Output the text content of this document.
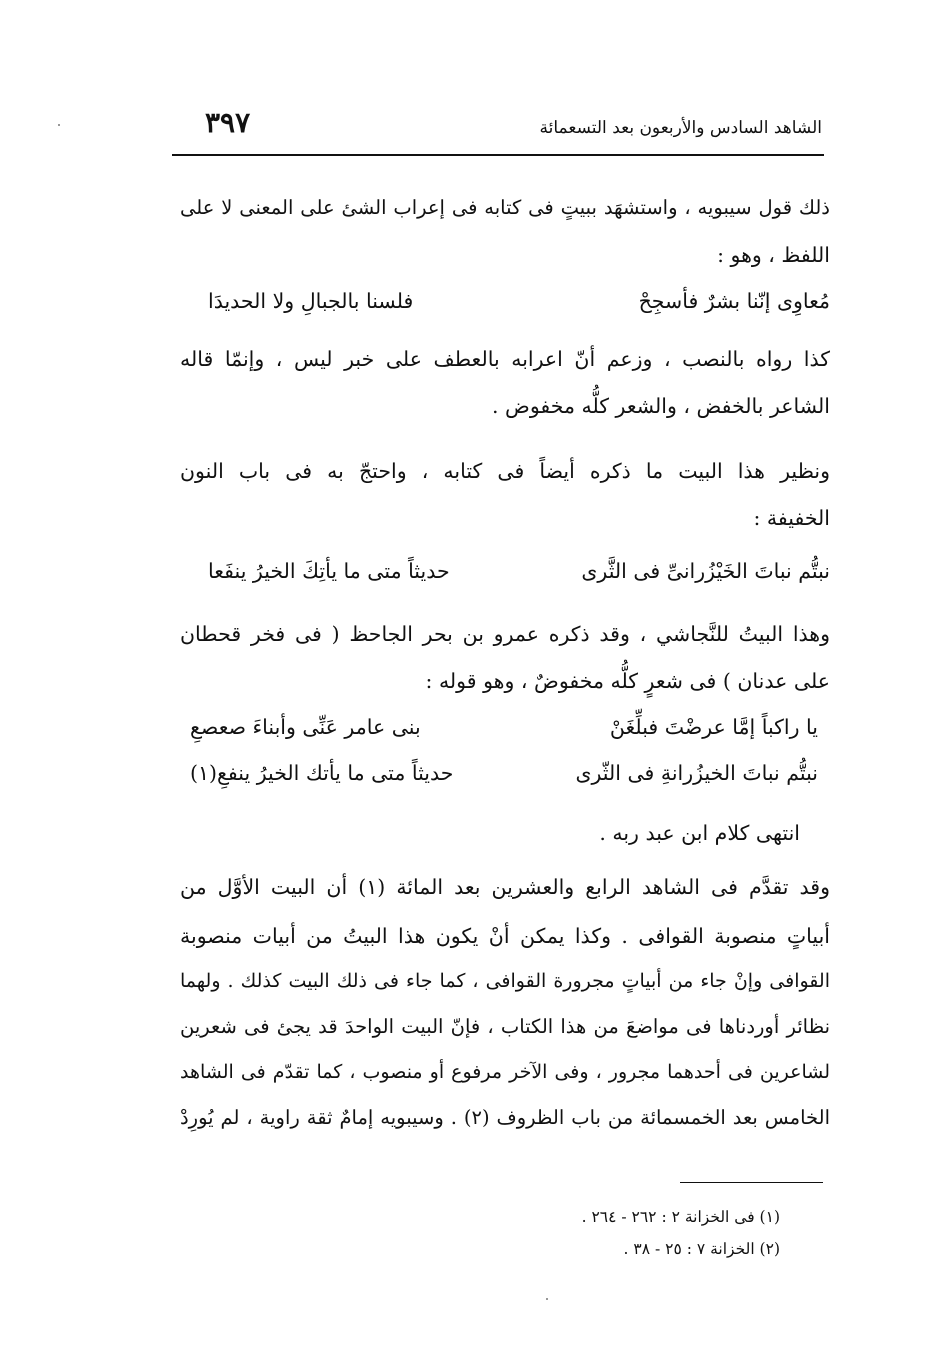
الشاهد السادس والأربعون بعد التسعمائة
٣٩٧
ذلك قول سيبويه ، واستشهَد ببيتٍ فى كتابه فى إعراب الشئ على المعنى لا على
اللفظ ، وهو :
مُعاوِى إنّنا بشرٌ فأسجِحْ
فلسنا بالجبالِ ولا الحديدَا
كذا رواه بالنصب ، وزعم أنّ اعرابه بالعطف على خبر ليس ، وإنمّا قاله
الشاعر بالخفض ، والشعر كلُّه مخفوض .
ونظير هذا البيت ما ذكره أيضاً فى كتابه ، واحتجّ به فى باب النون
الخفيفة :
نبتُّم نباتَ الخَيْزُرانىِّ فى الثَّرى
حديثاً متى ما يأتِكَ الخيرُ ينفَعا
وهذا البيتُ للنَّجاشي ، وقد ذكره عمرو بن بحر الجاحظ ( فى فخر قحطان
على عدنان ) فى شعرٍ كلُّه مخفوضٌ ، وهو قوله :
يا راكباً إمَّا عرضْتَ فبلِّغَنْ
بنى عامر عَنِّى وأبناءَ صعصعِ
نبتُّم نباتَ الخيزُرانةِ فى الثّرى
حديثاً متى ما يأتك الخيرُ ينفعِ(١)
انتهى كلام ابن عبد ربه .
وقد تقدَّم فى الشاهد الرابع والعشرين بعد المائة (١) أن البيت الأوَّل من
أبياتٍ منصوبة القوافى . وكذا يمكن أنْ يكون هذا البيتُ من أبيات منصوبة
القوافى وإنْ جاء من أبياتٍ مجرورة القوافى ، كما جاء فى ذلك البيت كذلك . ولهما
نظائر أوردناها فى مواضعَ من هذا الكتاب ، فإنّ البيت الواحدَ قد يجئ فى شعرين
لشاعرين فى أحدهما مجرور ، وفى الآخر مرفوع أو منصوب ، كما تقدّم فى الشاهد
الخامس بعد الخمسمائة من باب الظروف (٢) . وسيبويه إمامٌ ثقة راوية ، لم يُورِدْ
(١) فى الخزانة ٢ : ٢٦٢ - ٢٦٤ .
(٢) الخزانة ٧ : ٢٥ - ٣٨ .
